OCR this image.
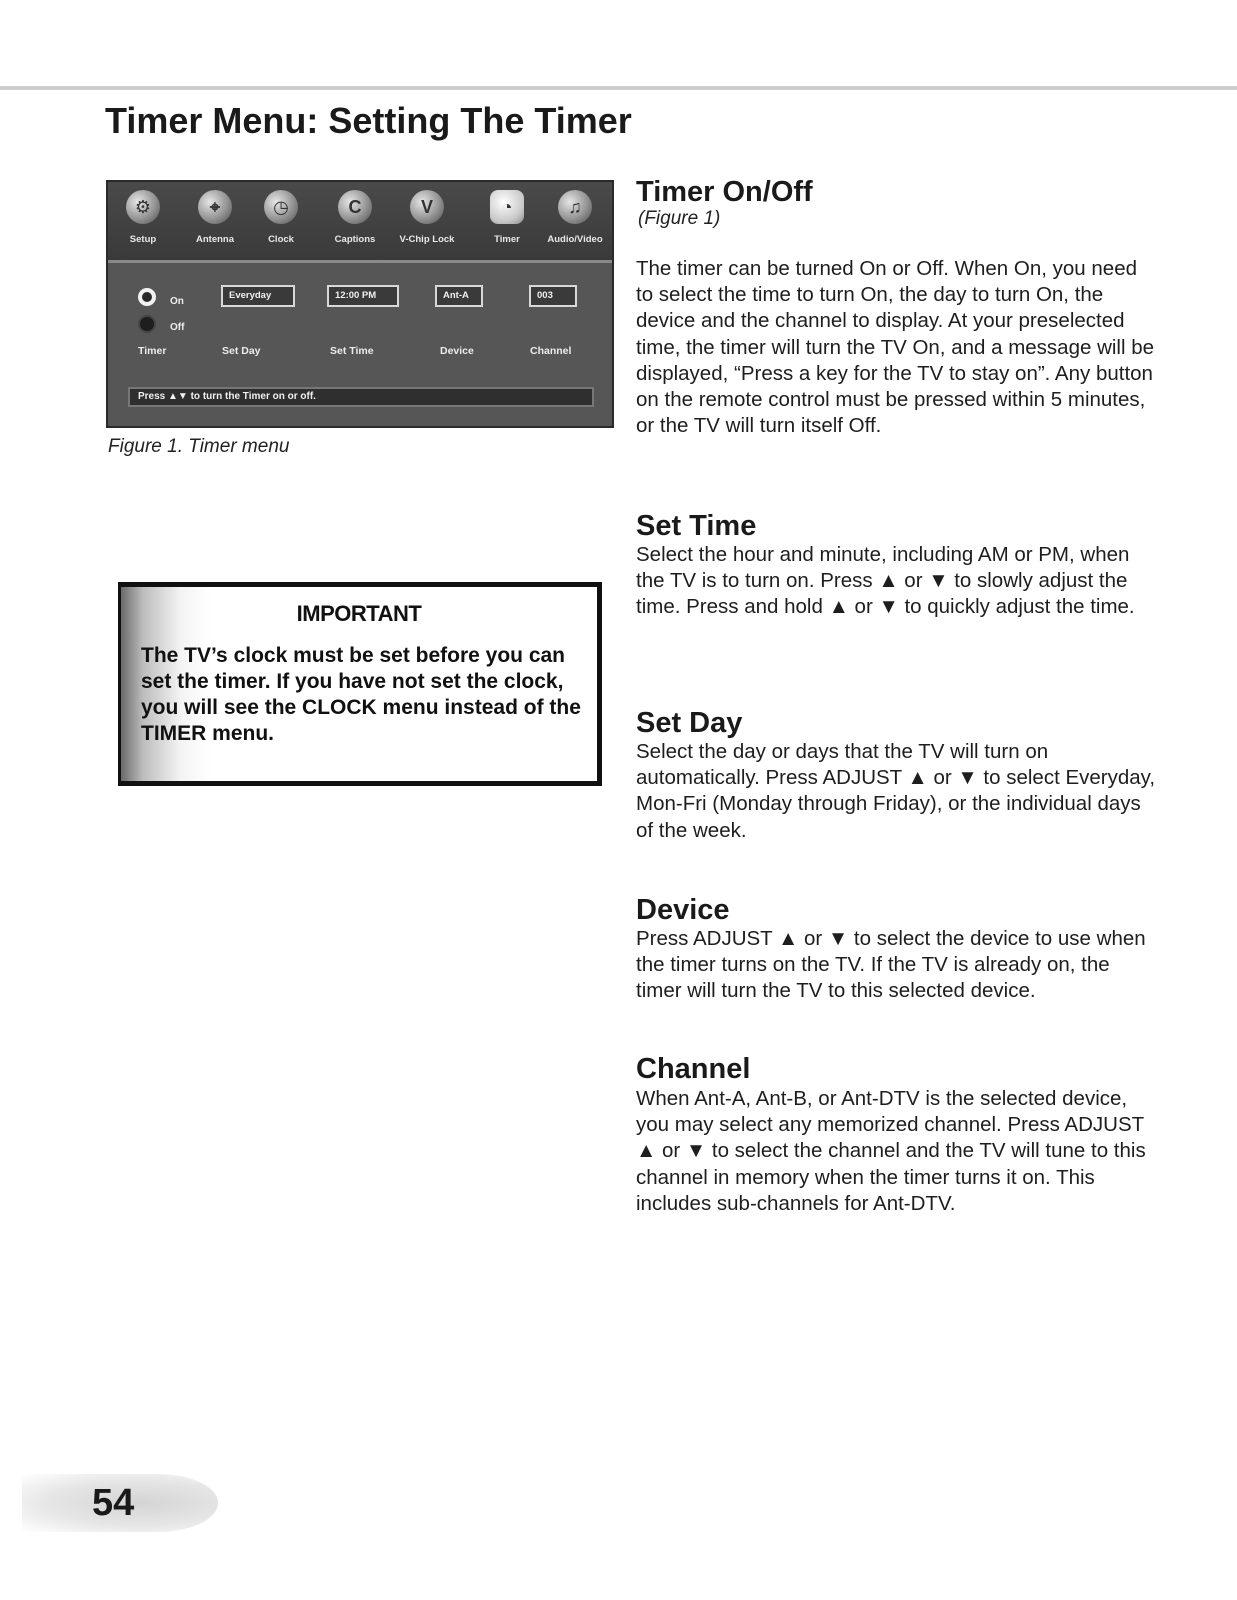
Timer Menu: Setting The Timer
⚙
Setup
⌖
Antenna
◷
Clock
C
Captions
V
V-Chip Lock
◔
Timer
♫
Audio/Video
On
Off
Everyday	12:00 PM	Ant-A	003
Timer	Set Day	Set Time	Device	Channel
Press ▲▼ to turn the Timer on or off.
Figure 1. Timer menu
IMPORTANT

The TV’s clock must be set before you can set the timer. If you have not set the clock, you will see the CLOCK menu instead of the TIMER menu.

Timer On/Off
(Figure 1)

The timer can be turned On or Off. When On, you need to select the time to turn On, the day to turn On, the device and the channel to display. At your preselected time, the timer will turn the TV On, and a message will be displayed, “Press a key for the TV to stay on”. Any button on the remote control must be pressed within 5 minutes, or the TV will turn itself Off.

Set Time

Select the hour and minute, including AM or PM, when the TV is to turn on. Press ▲ or ▼ to slowly adjust the time. Press and hold ▲ or ▼ to quickly adjust the time.

Set Day

Select the day or days that the TV will turn on automatically. Press ADJUST ▲ or ▼ to select Everyday, Mon-Fri (Monday through Friday), or the individual days of the week.

Device

Press ADJUST ▲ or ▼ to select the device to use when the timer turns on the TV. If the TV is already on, the timer will turn the TV to this selected device.

Channel

When Ant-A, Ant-B, or Ant-DTV is the selected device, you may select any memorized channel. Press ADJUST ▲ or ▼ to select the channel and the TV will tune to this channel in memory when the timer turns it on. This includes sub-channels for Ant-DTV.

54
